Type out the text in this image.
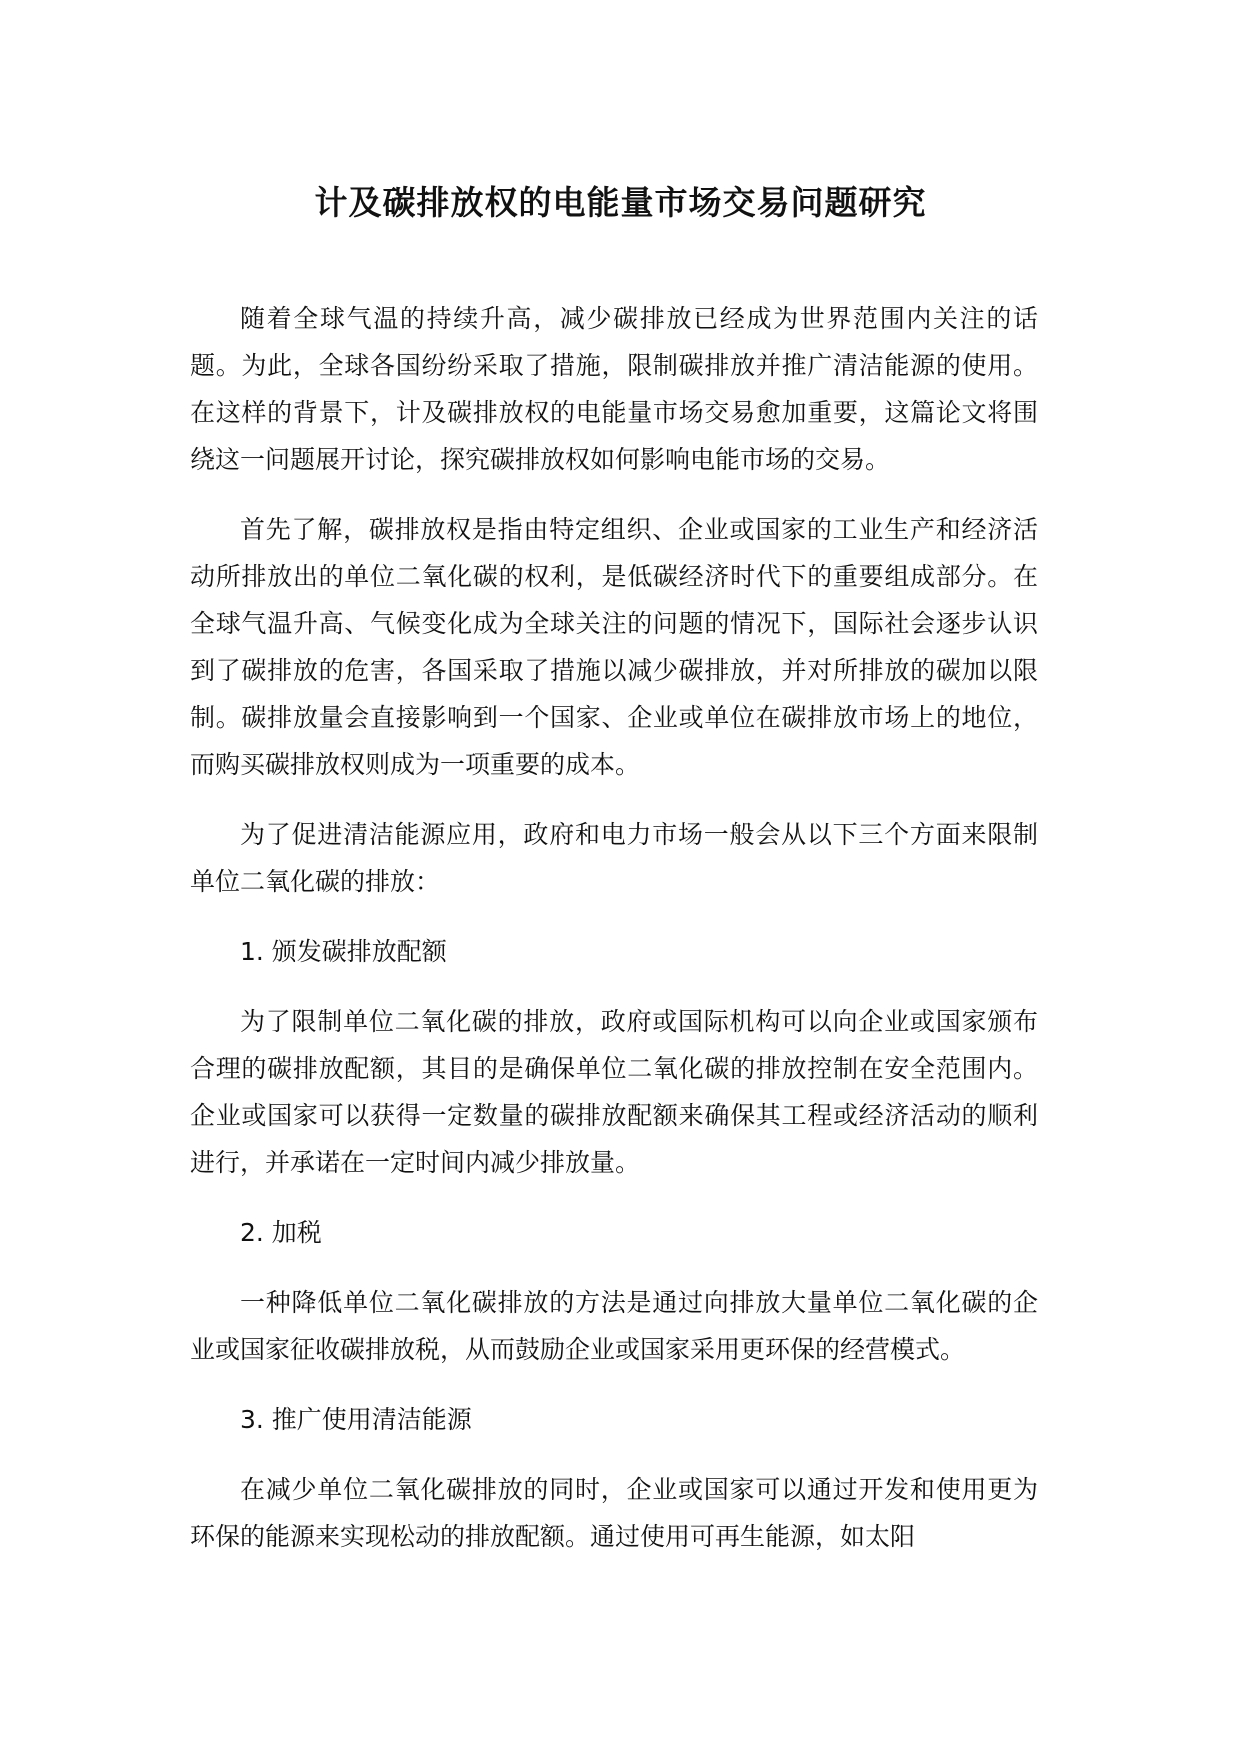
计及碳排放权的电能量市场交易问题研究

随着全球气温的持续升高，减少碳排放已经成为世界范围内关注的话题。为此，全球各国纷纷采取了措施，限制碳排放并推广清洁能源的使用。在这样的背景下，计及碳排放权的电能量市场交易愈加重要，这篇论文将围绕这一问题展开讨论，探究碳排放权如何影响电能市场的交易。

首先了解，碳排放权是指由特定组织、企业或国家的工业生产和经济活动所排放出的单位二氧化碳的权利，是低碳经济时代下的重要组成部分。在全球气温升高、气候变化成为全球关注的问题的情况下，国际社会逐步认识到了碳排放的危害，各国采取了措施以减少碳排放，并对所排放的碳加以限制。碳排放量会直接影响到一个国家、企业或单位在碳排放市场上的地位，而购买碳排放权则成为一项重要的成本。

为了促进清洁能源应用，政府和电力市场一般会从以下三个方面来限制单位二氧化碳的排放：

1. 颁发碳排放配额

为了限制单位二氧化碳的排放，政府或国际机构可以向企业或国家颁布合理的碳排放配额，其目的是确保单位二氧化碳的排放控制在安全范围内。企业或国家可以获得一定数量的碳排放配额来确保其工程或经济活动的顺利进行，并承诺在一定时间内减少排放量。

2. 加税

一种降低单位二氧化碳排放的方法是通过向排放大量单位二氧化碳的企业或国家征收碳排放税，从而鼓励企业或国家采用更环保的经营模式。

3. 推广使用清洁能源

在减少单位二氧化碳排放的同时，企业或国家可以通过开发和使用更为环保的能源来实现松动的排放配额。通过使用可再生能源，如太阳
